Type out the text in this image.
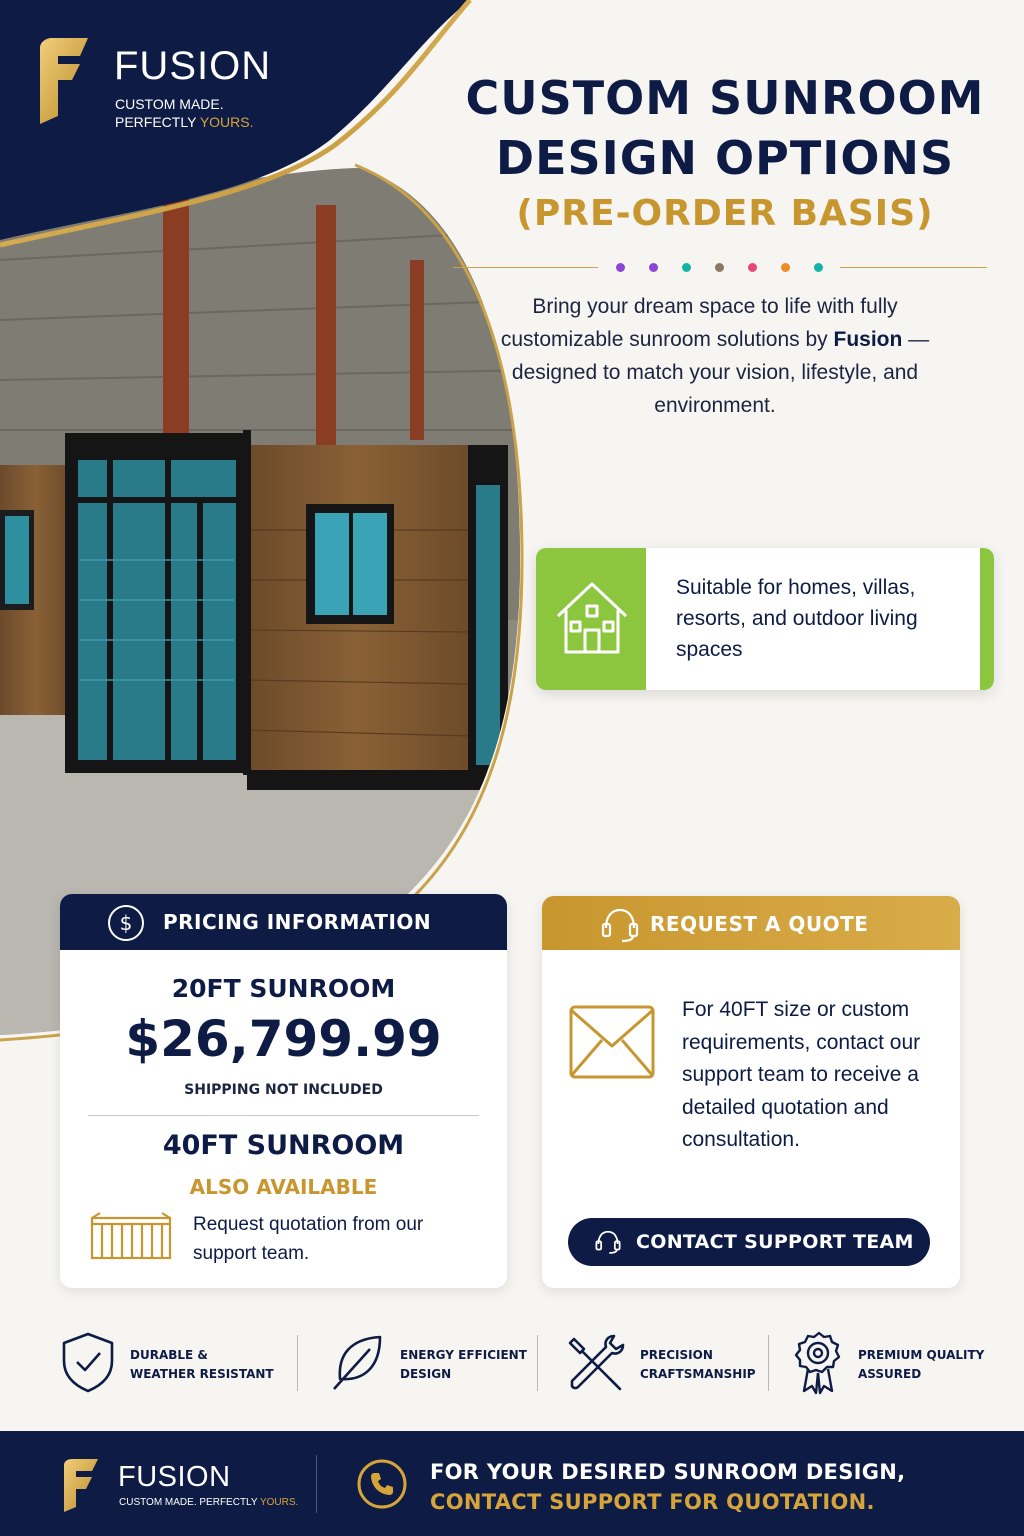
FUSION
CUSTOM MADE.
PERFECTLY YOURS.	CUSTOM SUNROOM
DESIGN OPTIONS
(PRE-ORDER BASIS)
Bring your dream space to life with fully customizable sunroom solutions by Fusion — designed to match your vision, lifestyle, and environment.
Suitable for homes, villas, resorts, and outdoor living spaces
$ PRICING INFORMATION
20FT SUNROOM
$26,799.99
SHIPPING NOT INCLUDED
40FT SUNROOM
ALSO AVAILABLE
Request quotation from our support team.
REQUEST A QUOTE
For 40FT size or custom requirements, contact our support team to receive a detailed quotation and consultation.
CONTACT SUPPORT TEAM
DURABLE &
WEATHER RESISTANT
ENERGY EFFICIENT
DESIGN
PRECISION
CRAFTSMANSHIP
PREMIUM QUALITY
ASSURED
FUSION
CUSTOM MADE. PERFECTLY YOURS.
FOR YOUR DESIRED SUNROOM DESIGN,
CONTACT SUPPORT FOR QUOTATION.
